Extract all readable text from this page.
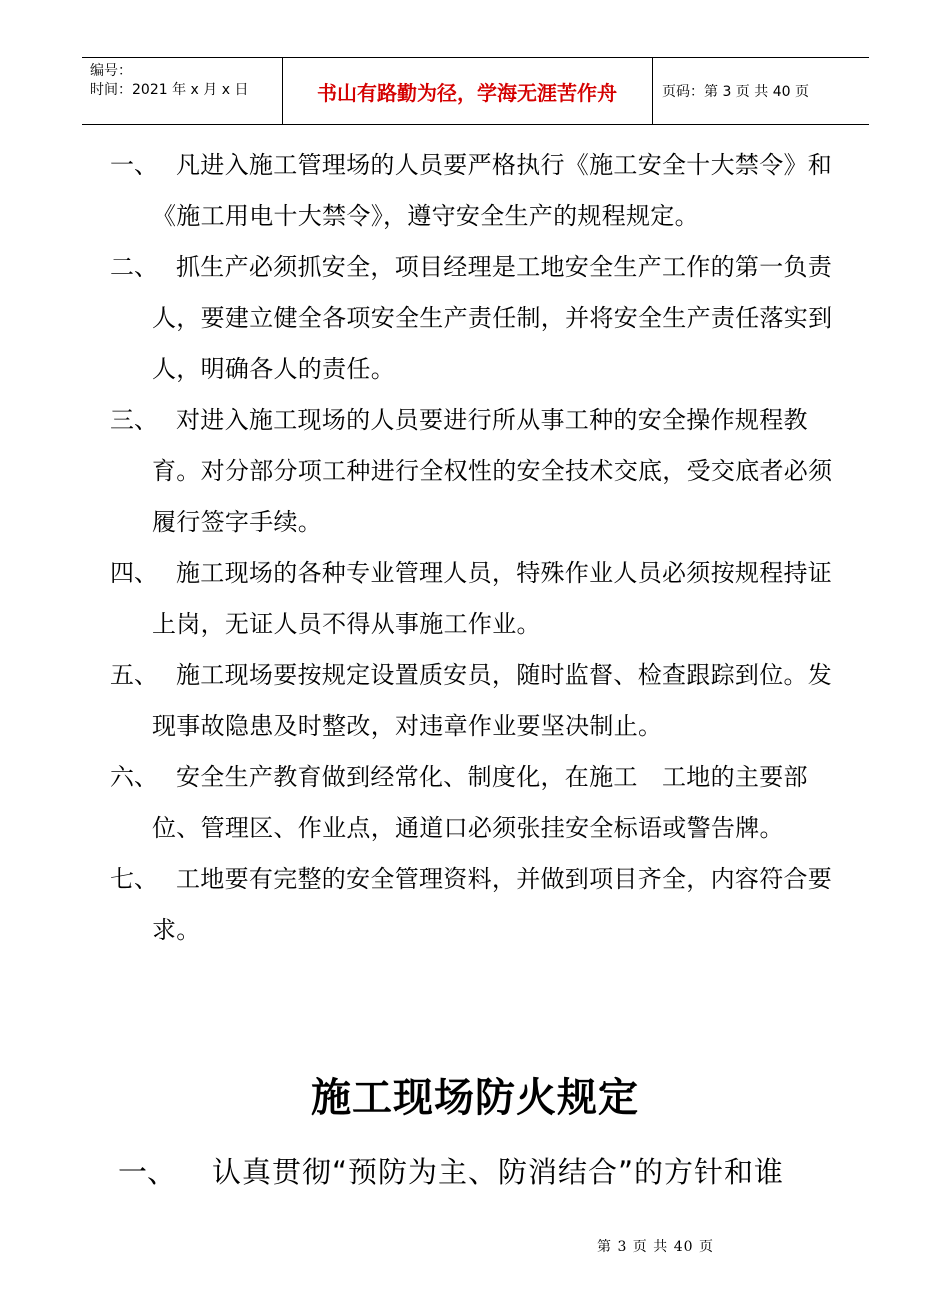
编号：
时间：2021 年 x 月 x 日	书山有路勤为径，学海无涯苦作舟	页码：第 3 页 共 40 页
一、 凡进入施工管理场的人员要严格执行《施工安全十大禁令》和《施工用电十大禁令》，遵守安全生产的规程规定。
二、 抓生产必须抓安全，项目经理是工地安全生产工作的第一负责人，要建立健全各项安全生产责任制，并将安全生产责任落实到人，明确各人的责任。
三、 对进入施工现场的人员要进行所从事工种的安全操作规程教育。对分部分项工种进行全权性的安全技术交底，受交底者必须履行签字手续。
四、 施工现场的各种专业管理人员，特殊作业人员必须按规程持证上岗，无证人员不得从事施工作业。
五、 施工现场要按规定设置质安员，随时监督、检查跟踪到位。发现事故隐患及时整改，对违章作业要坚决制止。
六、 安全生产教育做到经常化、制度化，在施工　工地的主要部位、管理区、作业点，通道口必须张挂安全标语或警告牌。
七、 工地要有完整的安全管理资料，并做到项目齐全，内容符合要求。
施工现场防火规定
一、 认真贯彻“预防为主、防消结合”的方针和谁
第 3 页 共 40 页
